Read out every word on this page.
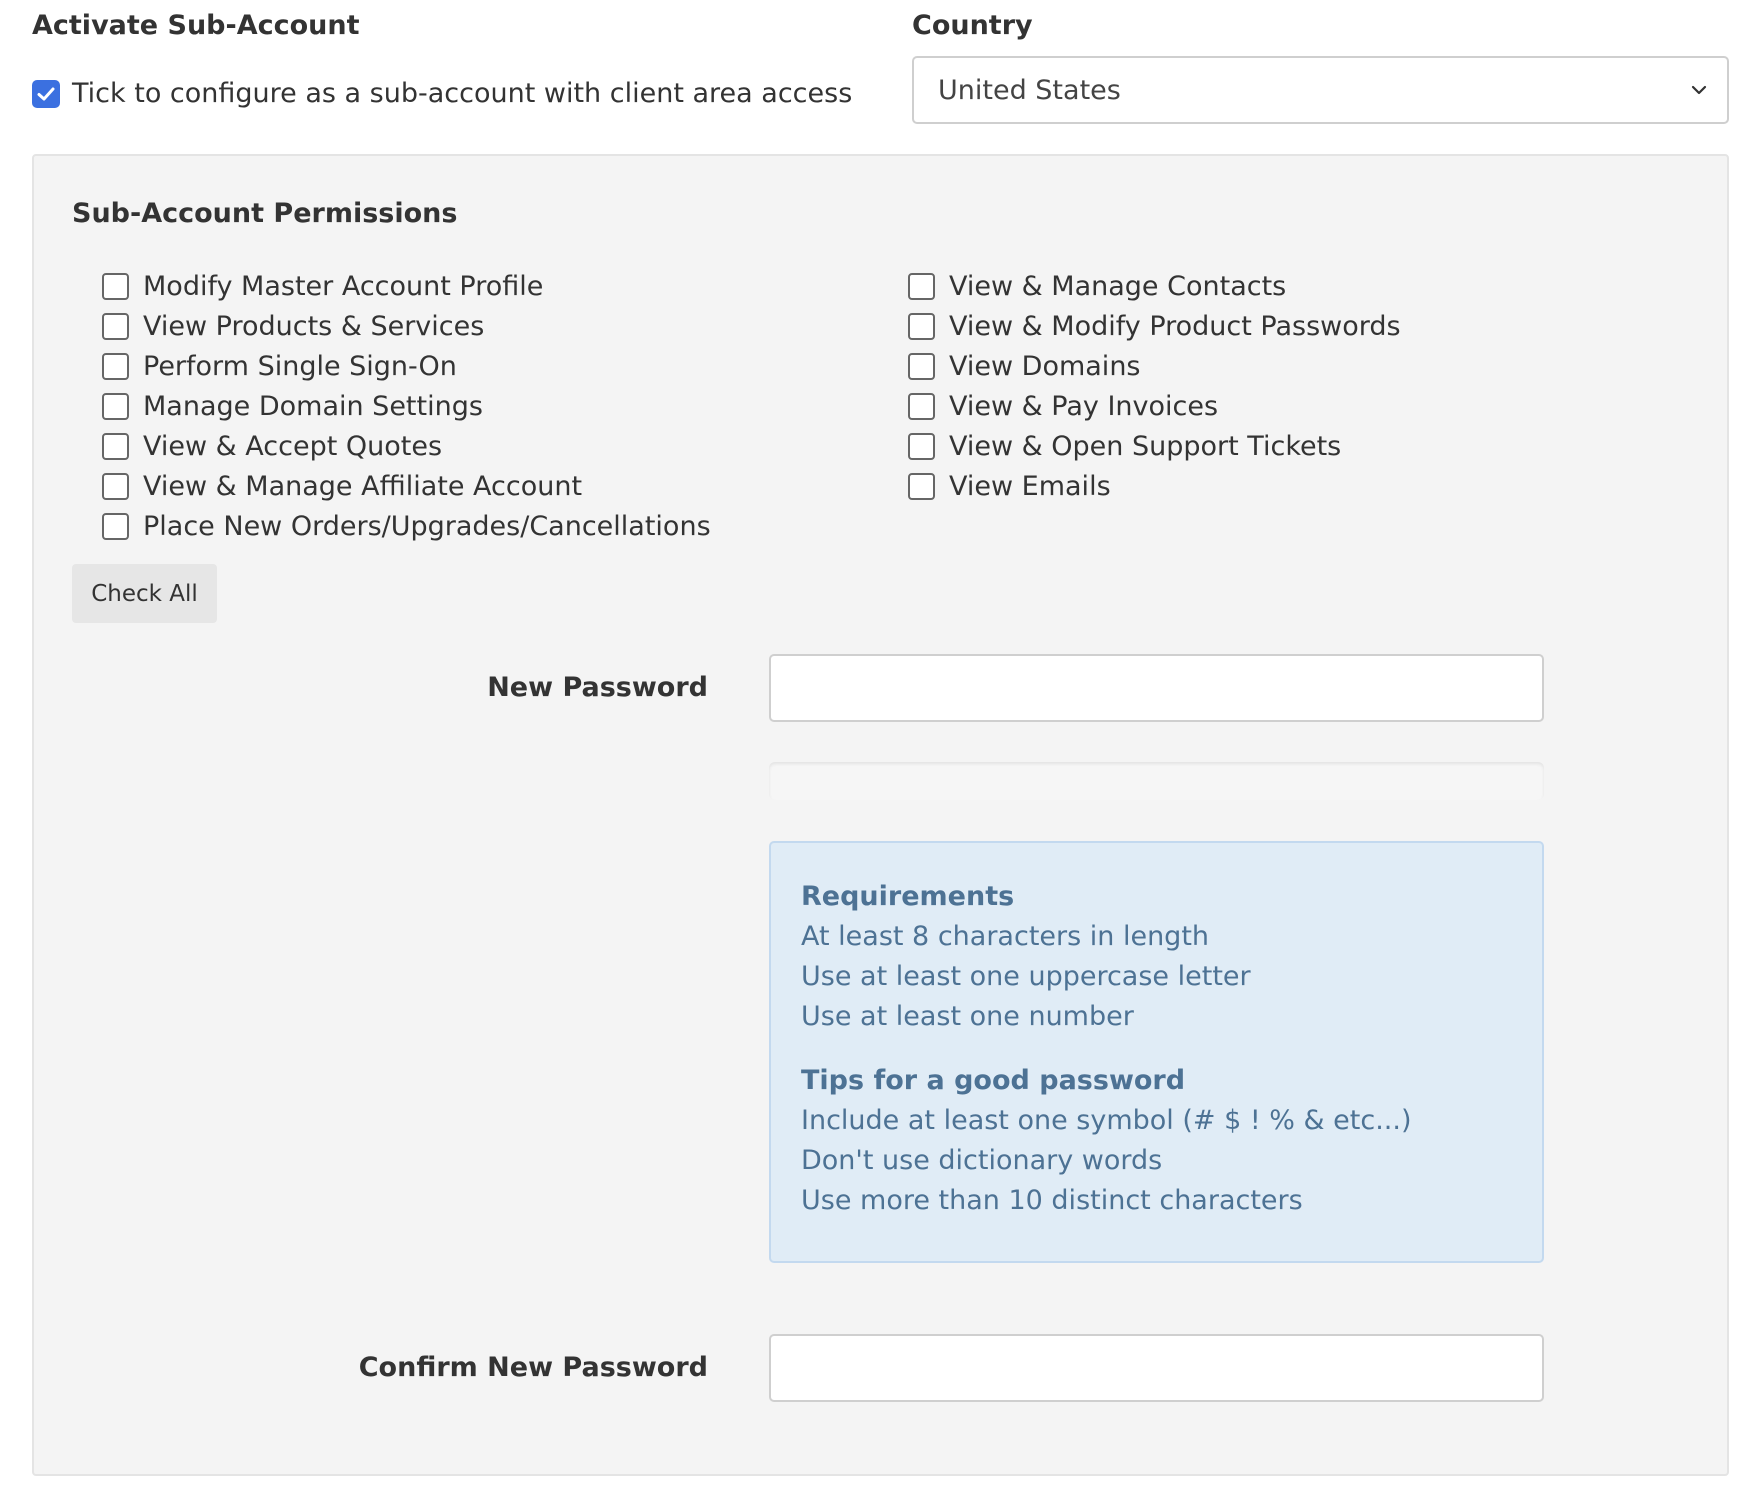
Activate Sub-Account
Tick to configure as a sub-account with client area access
Country
United States
Sub-Account Permissions
Modify Master Account Profile
View Products & Services
Perform Single Sign-On
Manage Domain Settings
View & Accept Quotes
View & Manage Affiliate Account
Place New Orders/Upgrades/Cancellations
View & Manage Contacts
View & Modify Product Passwords
View Domains
View & Pay Invoices
View & Open Support Tickets
View Emails
Check All
New Password
Requirements
At least 8 characters in length
Use at least one uppercase letter
Use at least one number
Tips for a good password
Include at least one symbol (# $ ! % & etc...)
Don't use dictionary words
Use more than 10 distinct characters
Confirm New Password
